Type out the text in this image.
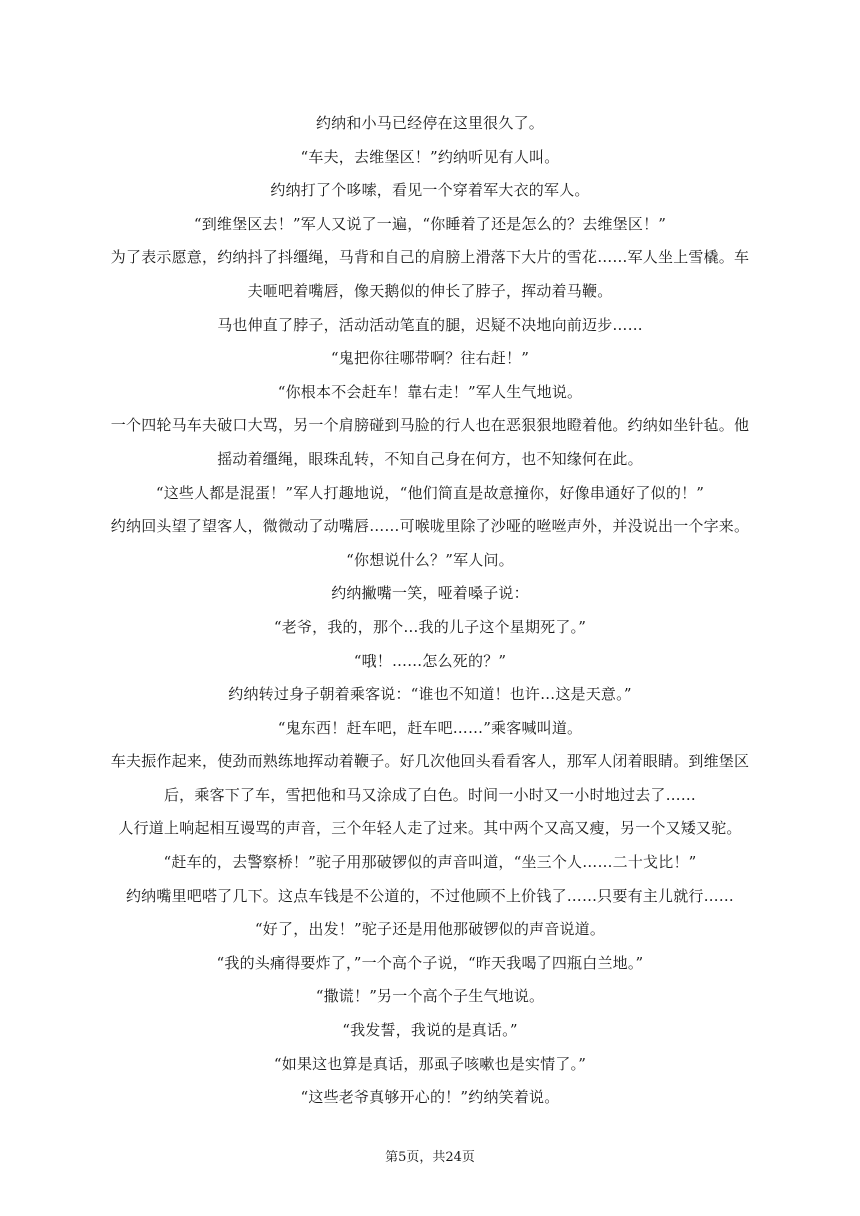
约纳和小马已经停在这里很久了。
“车夫，去维堡区！”约纳听见有人叫。
约纳打了个哆嗦，看见一个穿着军大衣的军人。
“到维堡区去！”军人又说了一遍，“你睡着了还是怎么的？去维堡区！”
为了表示愿意，约纳抖了抖缰绳，马背和自己的肩膀上滑落下大片的雪花……军人坐上雪橇。车
夫咂吧着嘴唇，像天鹅似的伸长了脖子，挥动着马鞭。
马也伸直了脖子，活动活动笔直的腿，迟疑不决地向前迈步……
“鬼把你往哪带啊？往右赶！”
“你根本不会赶车！靠右走！”军人生气地说。
一个四轮马车夫破口大骂，另一个肩膀碰到马脸的行人也在恶狠狠地瞪着他。约纳如坐针毡。他
摇动着缰绳，眼珠乱转，不知自己身在何方，也不知缘何在此。
“这些人都是混蛋！”军人打趣地说，“他们简直是故意撞你，好像串通好了似的！”
约纳回头望了望客人，微微动了动嘴唇……可喉咙里除了沙哑的咝咝声外，并没说出一个字来。
“你想说什么？”军人问。
约纳撇嘴一笑，哑着嗓子说：
“老爷，我的，那个…我的儿子这个星期死了。”
“哦！……怎么死的？”
约纳转过身子朝着乘客说：“谁也不知道！也许…这是天意。”
“鬼东西！赶车吧，赶车吧……”乘客喊叫道。
车夫振作起来，使劲而熟练地挥动着鞭子。好几次他回头看看客人，那军人闭着眼睛。到维堡区
后，乘客下了车，雪把他和马又涂成了白色。时间一小时又一小时地过去了……
人行道上响起相互谩骂的声音，三个年轻人走了过来。其中两个又高又瘦，另一个又矮又驼。
“赶车的，去警察桥！”驼子用那破锣似的声音叫道，“坐三个人……二十戈比！”
约纳嘴里吧嗒了几下。这点车钱是不公道的，不过他顾不上价钱了……只要有主儿就行……
“好了，出发！”驼子还是用他那破锣似的声音说道。
“我的头痛得要炸了，”一个高个子说，“昨天我喝了四瓶白兰地。”
“撒谎！”另一个高个子生气地说。
“我发誓，我说的是真话。”
“如果这也算是真话，那虱子咳嗽也是实情了。”
“这些老爷真够开心的！”约纳笑着说。
第5页，共24页
